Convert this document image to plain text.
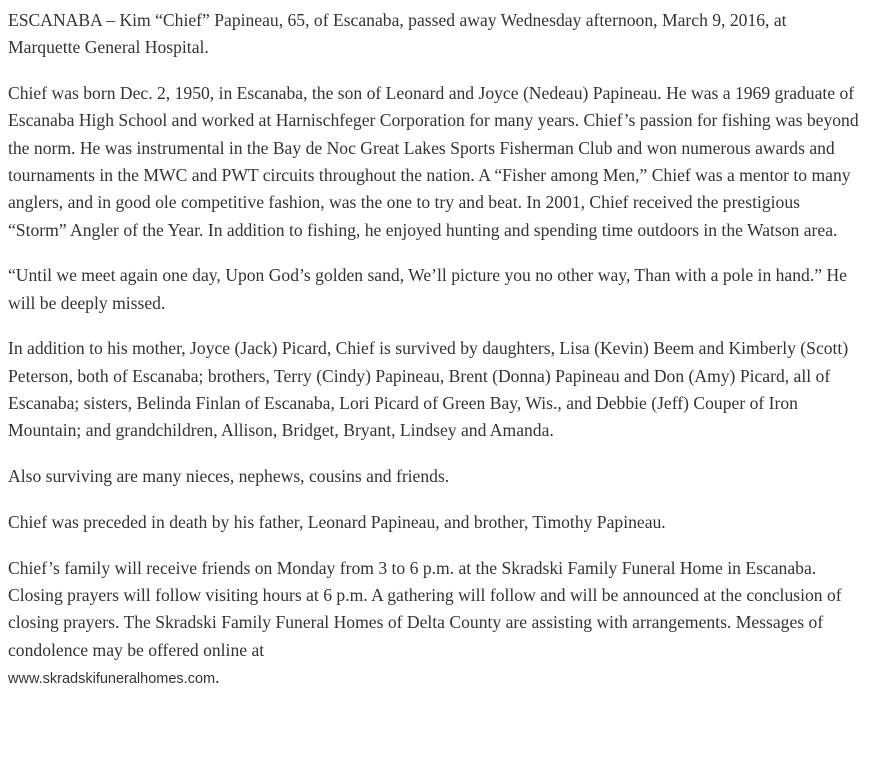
ESCANABA – Kim “Chief” Papineau, 65, of Escanaba, passed away Wednesday afternoon, March 9, 2016, at Marquette General Hospital.

Chief was born Dec. 2, 1950, in Escanaba, the son of Leonard and Joyce (Nedeau) Papineau. He was a 1969 graduate of Escanaba High School and worked at Harnischfeger Corporation for many years. Chief’s passion for fishing was beyond the norm. He was instrumental in the Bay de Noc Great Lakes Sports Fisherman Club and won numerous awards and tournaments in the MWC and PWT circuits throughout the nation. A “Fisher among Men,” Chief was a mentor to many anglers, and in good ole competitive fashion, was the one to try and beat. In 2001, Chief received the prestigious “Storm” Angler of the Year. In addition to fishing, he enjoyed hunting and spending time outdoors in the Watson area.

“Until we meet again one day, Upon God’s golden sand, We’ll picture you no other way, Than with a pole in hand.” He will be deeply missed.

In addition to his mother, Joyce (Jack) Picard, Chief is survived by daughters, Lisa (Kevin) Beem and Kimberly (Scott) Peterson, both of Escanaba; brothers, Terry (Cindy) Papineau, Brent (Donna) Papineau and Don (Amy) Picard, all of Escanaba; sisters, Belinda Finlan of Escanaba, Lori Picard of Green Bay, Wis., and Debbie (Jeff) Couper of Iron Mountain; and grandchildren, Allison, Bridget, Bryant, Lindsey and Amanda.

Also surviving are many nieces, nephews, cousins and friends.

Chief was preceded in death by his father, Leonard Papineau, and brother, Timothy Papineau.

Chief’s family will receive friends on Monday from 3 to 6 p.m. at the Skradski Family Funeral Home in Escanaba. Closing prayers will follow visiting hours at 6 p.m. A gathering will follow and will be announced at the conclusion of closing prayers. The Skradski Family Funeral Homes of Delta County are assisting with arrangements. Messages of condolence may be offered online at

www.skradskifuneralhomes.com.
